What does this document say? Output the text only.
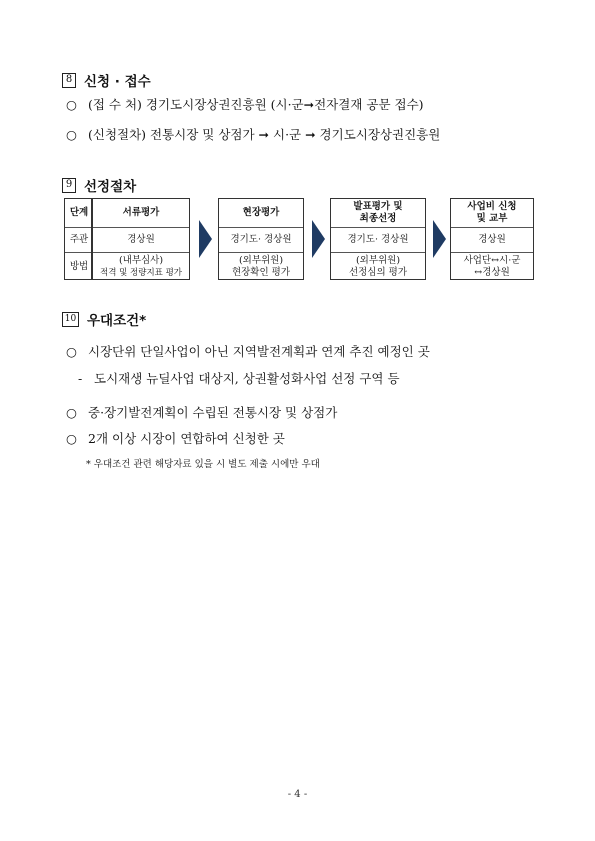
8 신청 · 접수
○ (접 수 처) 경기도시장상권진흥원 (시·군➞전자결재 공문 접수)
○ (신청절차) 전통시장 및 상점가 ➞ 시·군 ➞ 경기도시장상권진흥원
9 선정절차
단계
주관
방법
서류평가
경상원
(내부심사)
적격 및 정량지표 평가
현장평가
경기도· 경상원
(외부위원)
현장확인 평가
발표평가 및
최종선정
경기도· 경상원
(외부위원)
선정심의 평가
사업비 신청
및 교부
경상원
사업단↔시·군
↔경상원
10 우대조건*
○ 시장단위 단일사업이 아닌 지역발전계획과 연계 추진 예정인 곳
- 도시재생 뉴딜사업 대상지, 상권활성화사업 선정 구역 등
○ 중·장기발전계획이 수립된 전통시장 및 상점가
○ 2개 이상 시장이 연합하여 신청한 곳
* 우대조건 관련 해당자료 있을 시 별도 제출 시에만 우대
- 4 -
